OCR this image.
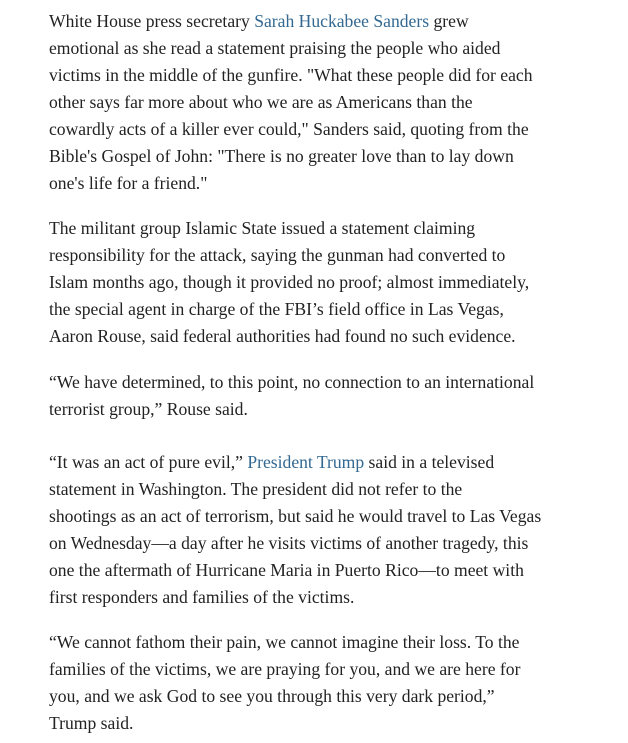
White House press secretary Sarah Huckabee Sanders grew
emotional as she read a statement praising the people who aided
victims in the middle of the gunfire. "What these people did for each
other says far more about who we are as Americans than the
cowardly acts of a killer ever could," Sanders said, quoting from the
Bible's Gospel of John: "There is no greater love than to lay down
one's life for a friend."

The militant group Islamic State issued a statement claiming
responsibility for the attack, saying the gunman had converted to
Islam months ago, though it provided no proof; almost immediately,
the special agent in charge of the FBI’s field office in Las Vegas,
Aaron Rouse, said federal authorities had found no such evidence.

“We have determined, to this point, no connection to an international
terrorist group,” Rouse said.

“It was an act of pure evil,” President Trump said in a televised
statement in Washington. The president did not refer to the
shootings as an act of terrorism, but said he would travel to Las Vegas
on Wednesday—a day after he visits victims of another tragedy, this
one the aftermath of Hurricane Maria in Puerto Rico—to meet with
first responders and families of the victims.

“We cannot fathom their pain, we cannot imagine their loss. To the
families of the victims, we are praying for you, and we are here for
you, and we ask God to see you through this very dark period,”
Trump said.
